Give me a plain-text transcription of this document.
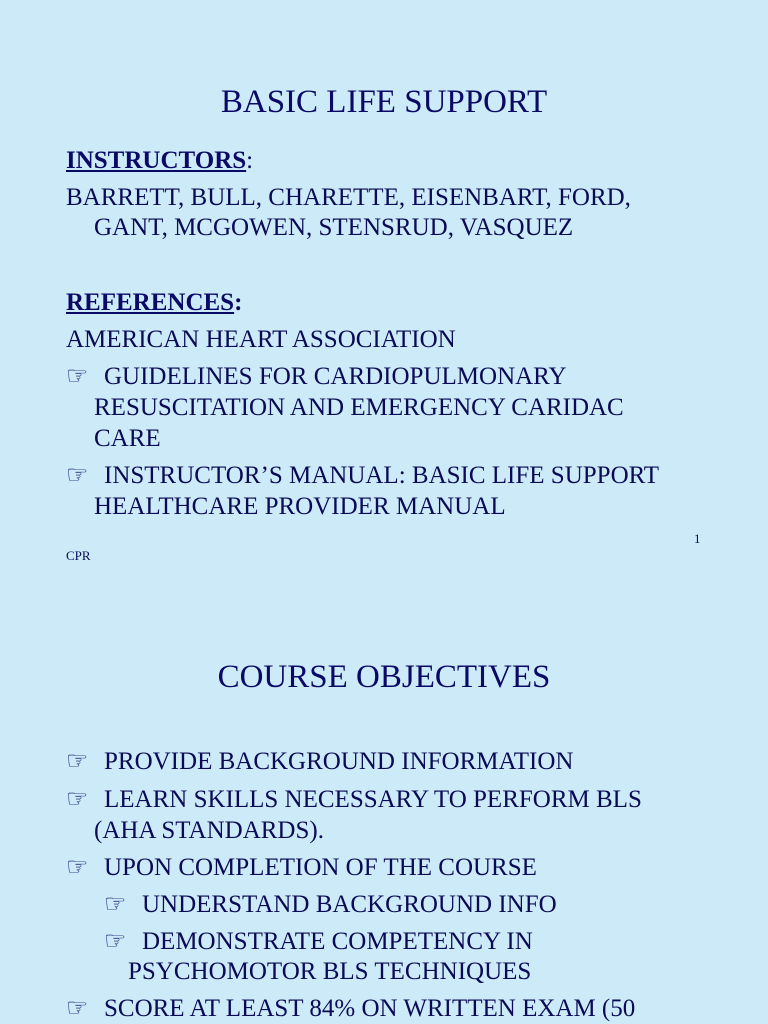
BASIC LIFE SUPPORT
INSTRUCTORS:
BARRETT, BULL, CHARETTE, EISENBART, FORD,
GANT, MCGOWEN, STENSRUD, VASQUEZ
REFERENCES:
AMERICAN HEART ASSOCIATION
☞ GUIDELINES FOR CARDIOPULMONARY
RESUSCITATION AND EMERGENCY CARIDAC
CARE
☞ INSTRUCTOR’S MANUAL: BASIC LIFE SUPPORT
HEALTHCARE PROVIDER MANUAL
1
CPR
COURSE OBJECTIVES
☞ PROVIDE BACKGROUND INFORMATION
☞ LEARN SKILLS NECESSARY TO PERFORM BLS
(AHA STANDARDS).
☞ UPON COMPLETION OF THE COURSE
☞ UNDERSTAND BACKGROUND INFO
☞ DEMONSTRATE COMPETENCY IN
PSYCHOMOTOR BLS TECHNIQUES
☞ SCORE AT LEAST 84% ON WRITTEN EXAM (50
